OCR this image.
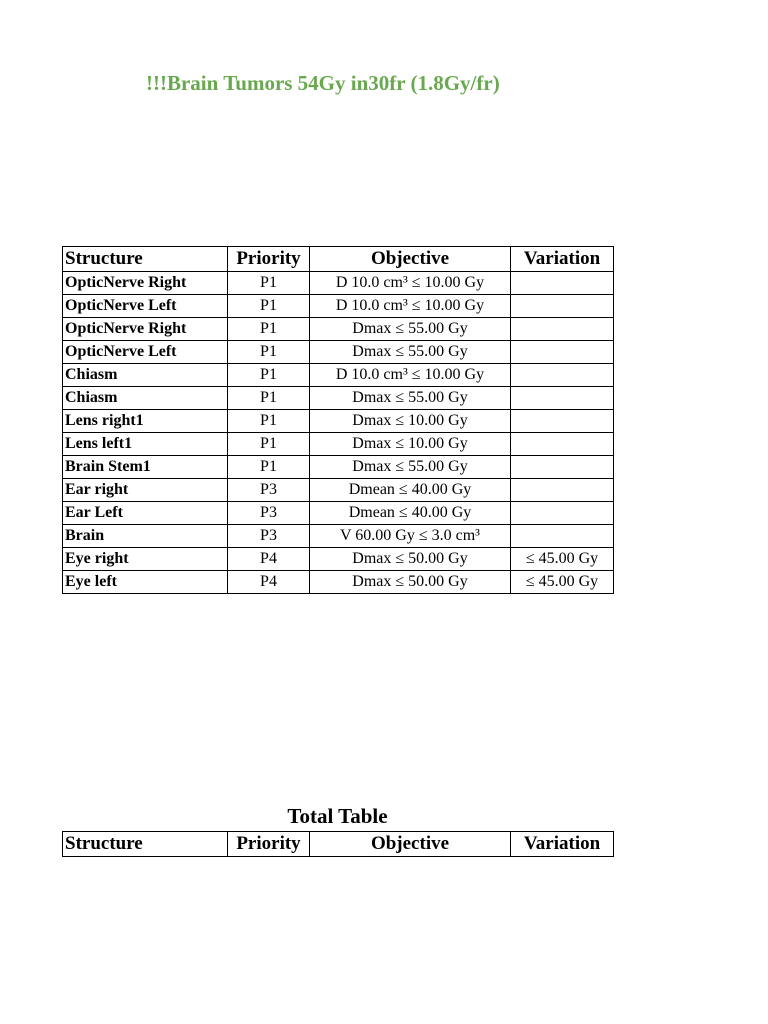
!!!Brain Tumors 54Gy in30fr (1.8Gy/fr)
Structure	Priority	Objective	Variation
OpticNerve Right	P1	D 10.0 cm³ ≤ 10.00 Gy	
OpticNerve Left	P1	D 10.0 cm³ ≤ 10.00 Gy	
OpticNerve Right	P1	Dmax ≤ 55.00 Gy	
OpticNerve Left	P1	Dmax ≤ 55.00 Gy	
Chiasm	P1	D 10.0 cm³ ≤ 10.00 Gy	
Chiasm	P1	Dmax ≤ 55.00 Gy	
Lens right1	P1	Dmax ≤ 10.00 Gy	
Lens left1	P1	Dmax ≤ 10.00 Gy	
Brain Stem1	P1	Dmax ≤ 55.00 Gy	
Ear right	P3	Dmean ≤ 40.00 Gy	
Ear Left	P3	Dmean ≤ 40.00 Gy	
Brain	P3	V 60.00 Gy ≤ 3.0 cm³	
Eye right	P4	Dmax ≤ 50.00 Gy	≤ 45.00 Gy
Eye left	P4	Dmax ≤ 50.00 Gy	≤ 45.00 Gy
Total Table
Structure	Priority	Objective	Variation
